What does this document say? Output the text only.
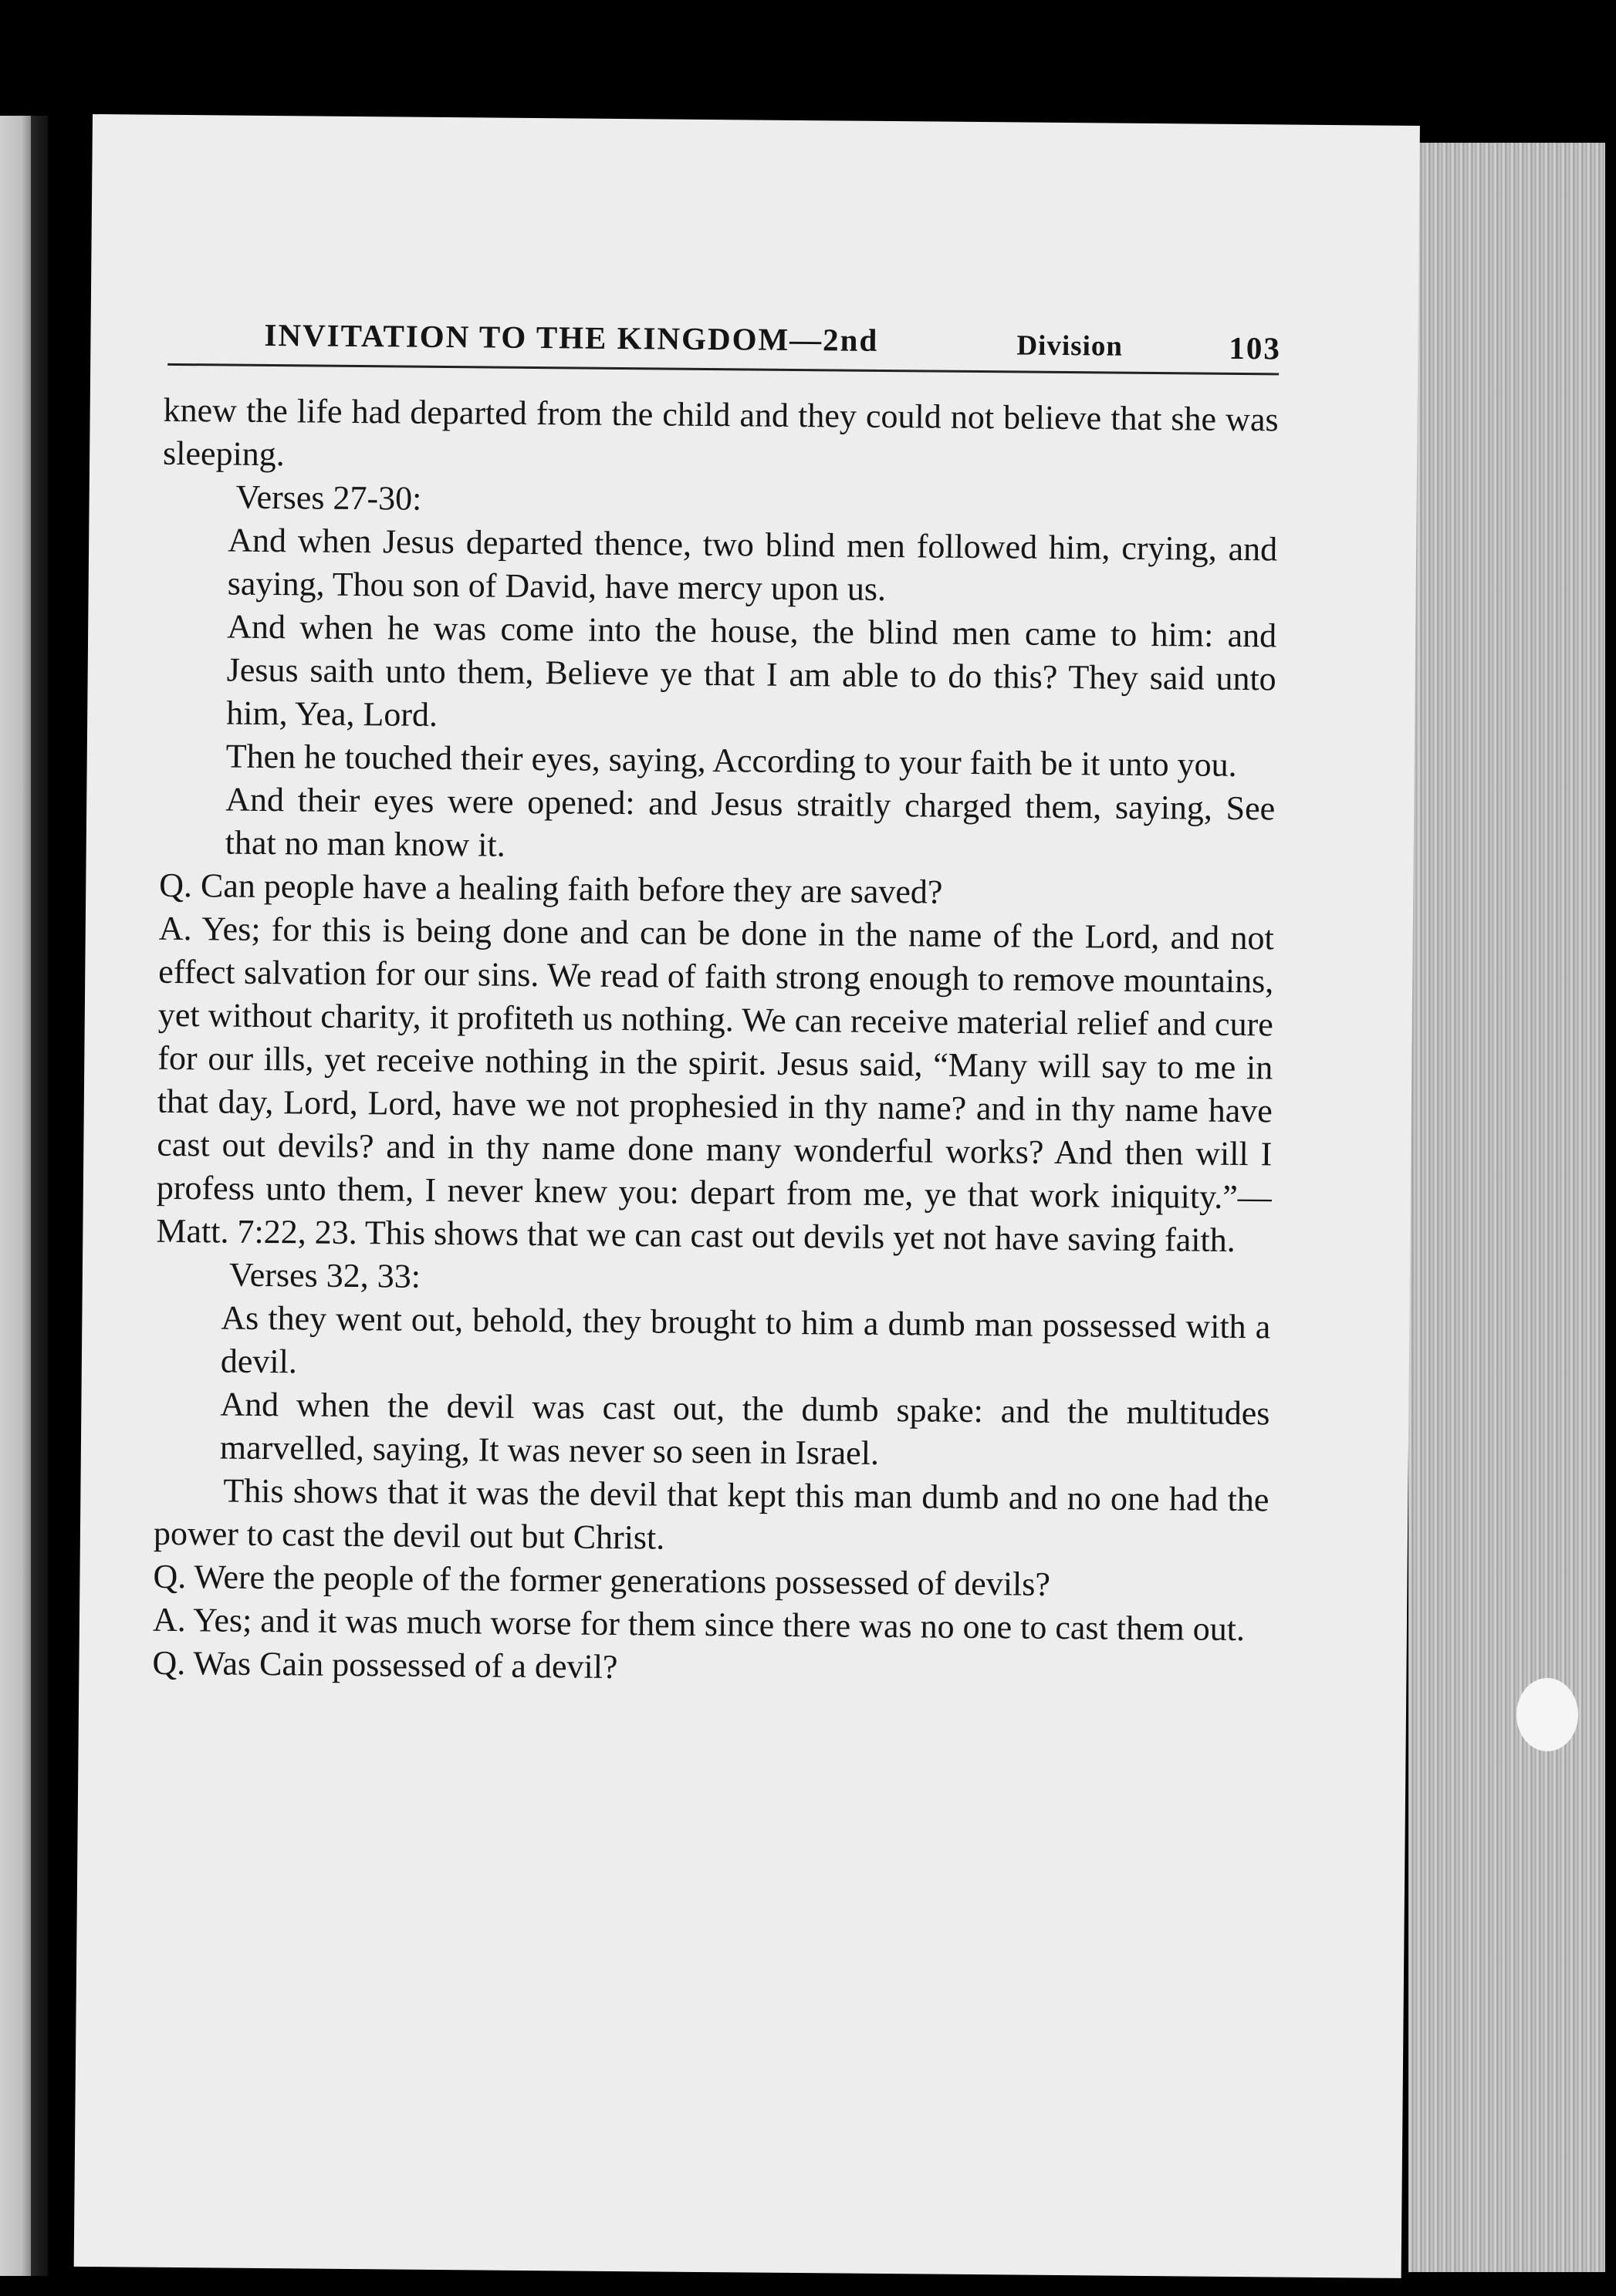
INVITATION TO THE KINGDOM—2nd	Division	103

knew the life had departed from the child and they could not believe that she was sleeping.

Verses 27-30:

And when Jesus departed thence, two blind men followed him, crying, and saying, Thou son of David, have mercy upon us.

And when he was come into the house, the blind men came to him: and Jesus saith unto them, Believe ye that I am able to do this? They said unto him, Yea, Lord.

Then he touched their eyes, saying, According to your faith be it unto you.

And their eyes were opened: and Jesus straitly charged them, saying, See that no man know it.

Q. Can people have a healing faith before they are saved?

A. Yes; for this is being done and can be done in the name of the Lord, and not effect salvation for our sins. We read of faith strong enough to remove mountains, yet without charity, it profiteth us nothing. We can receive material relief and cure for our ills, yet receive nothing in the spirit. Jesus said, “Many will say to me in that day, Lord, Lord, have we not prophesied in thy name? and in thy name have cast out devils? and in thy name done many wonderful works? And then will I profess unto them, I never knew you: depart from me, ye that work iniquity.”—Matt. 7:22, 23. This shows that we can cast out devils yet not have saving faith.

Verses 32, 33:

As they went out, behold, they brought to him a dumb man possessed with a devil.

And when the devil was cast out, the dumb spake: and the multitudes marvelled, saying, It was never so seen in Israel.

This shows that it was the devil that kept this man dumb and no one had the power to cast the devil out but Christ.

Q. Were the people of the former generations possessed of devils?

A. Yes; and it was much worse for them since there was no one to cast them out.

Q. Was Cain possessed of a devil?
